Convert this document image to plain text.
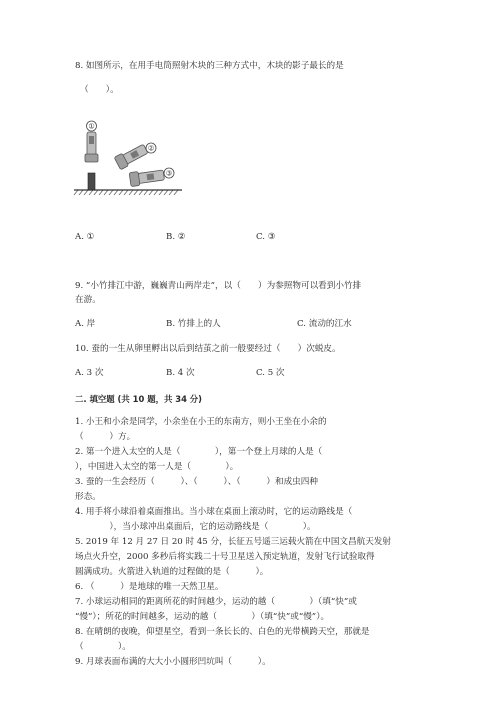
8. 如图所示，在用手电筒照射木块的三种方式中，木块的影子最长的是
（　　）。
①
②
③
A. ①	B. ②	C. ③
9. “小竹排江中游，巍巍青山两岸走”，以（　　）为参照物可以看到小竹排
在游。
A. 岸	B. 竹排上的人	C. 流动的江水
10. 蚕的一生从卵里孵出以后到结茧之前一般要经过（　　）次蜕皮。
A. 3 次	B. 4 次	C. 5 次
二. 填空题 (共 10 题，共 34 分)
1. 小王和小余是同学，小余坐在小王的东南方，则小王坐在小余的
（　　　）方。
2. 第一个进入太空的人是（　　　　），第一个登上月球的人是（　　　　
），中国进入太空的第一人是（　　　　）。
3. 蚕的一生会经历（　　　）、（　　　）、（　　　）和成虫四种
形态。
4. 用手将小球沿着桌面推出。当小球在桌面上滚动时，它的运动路线是（
　　　　），当小球冲出桌面后，它的运动路线是（　　　　）。
5. 2019 年 12 月 27 日 20 时 45 分，长征五号遥三运载火箭在中国文昌航天发射
场点火升空，2000 多秒后将实践二十号卫星送入预定轨道，发射飞行试验取得
圆满成功。火箭进入轨道的过程做的是（　　　）。
6. （　　　）是地球的唯一天然卫星。
7. 小球运动相同的距离所花的时间越少，运动的越（　　　　）（填“快”或
“慢”）；所花的时间越多，运动的越（　　　　）（填“快”或“慢”）。
8. 在晴朗的夜晚，仰望星空，看到一条长长的、白色的光带横跨天空，那就是
（　　　　）。
9. 月球表面布满的大大小小圆形凹坑叫（　　　）。
